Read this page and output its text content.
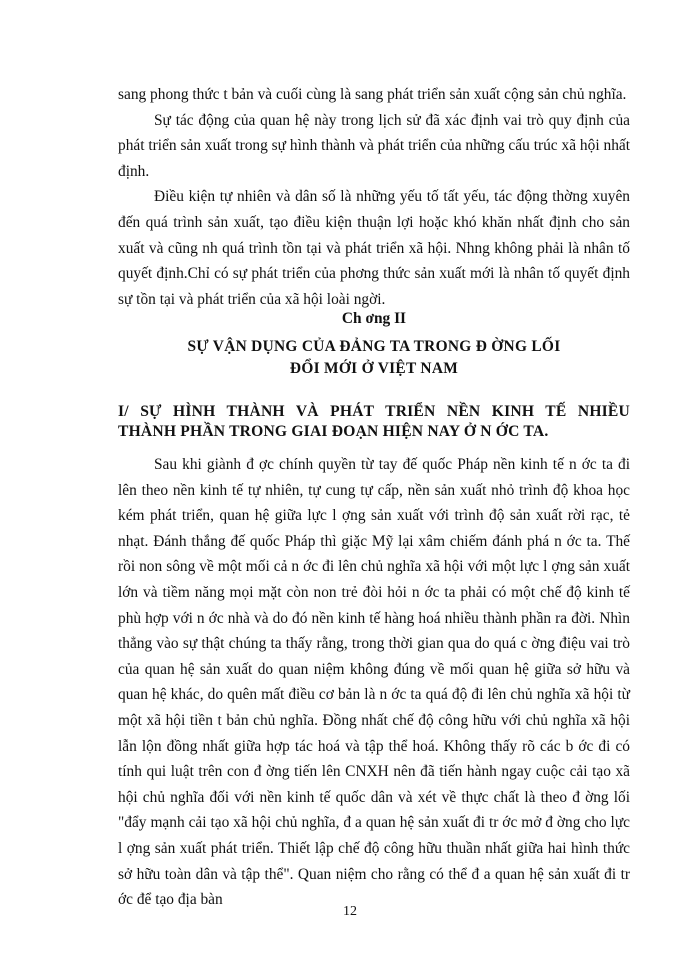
sang phong thức t bản và cuối cùng là sang phát triển sản xuất cộng sản chủ nghĩa.

Sự tác động của quan hệ này trong lịch sử đã xác định vai trò quy định của phát triển sản xuất trong sự hình thành và phát triển của những cấu trúc xã hội nhất định.

Điều kiện tự nhiên và dân số là những yếu tố tất yếu, tác động thờng xuyên đến quá trình sản xuất, tạo điều kiện thuận lợi hoặc khó khăn nhất định cho sản xuất và cũng nh quá trình tồn tại và phát triển xã hội. Nhng không phải là nhân tố quyết định.Chỉ có sự phát triển của phơng thức sản xuất mới là nhân tố quyết định sự tồn tại và phát triển của xã hội loài ngời.

Ch ơng II
SỰ VẬN DỤNG CỦA ĐẢNG TA TRONG Đ ỜNG LỐI
ĐỔI MỚI Ở VIỆT NAM
I/ SỰ HÌNH THÀNH VÀ PHÁT TRIỂN NỀN KINH TẾ NHIỀU
THÀNH PHẦN TRONG GIAI ĐOẠN HIỆN NAY Ở N ỚC TA.

Sau khi giành đ ợc chính quyền từ tay đế quốc Pháp nền kinh tế n ớc ta đi lên theo nền kinh tế tự nhiên, tự cung tự cấp, nền sản xuất nhỏ trình độ khoa học kém phát triển, quan hệ giữa lực l ợng sản xuất với trình độ sản xuất rời rạc, tẻ nhạt. Đánh thắng đế quốc Pháp thì giặc Mỹ lại xâm chiếm đánh phá n ớc ta. Thế rồi non sông về một mối cả n ớc đi lên chủ nghĩa xã hội với một lực l ợng sản xuất lớn và tiềm năng mọi mặt còn non trẻ đòi hỏi n ớc ta phải có một chế độ kinh tế phù hợp với n ớc nhà và do đó nền kinh tế hàng hoá nhiều thành phần ra đời. Nhìn thẳng vào sự thật chúng ta thấy rằng, trong thời gian qua do quá c ờng điệu vai trò của quan hệ sản xuất do quan niệm không đúng về mối quan hệ giữa sở hữu và quan hệ khác, do quên mất điều cơ bản là n ớc ta quá độ đi lên chủ nghĩa xã hội từ một xã hội tiền t bản chủ nghĩa. Đồng nhất chế độ công hữu với chủ nghĩa xã hội lẫn lộn đồng nhất giữa hợp tác hoá và tập thể hoá. Không thấy rõ các b ớc đi có tính qui luật trên con đ ờng tiến lên CNXH nên đã tiến hành ngay cuộc cải tạo xã hội chủ nghĩa đối với nền kinh tế quốc dân và xét về thực chất là theo đ ờng lối "đẩy mạnh cải tạo xã hội chủ nghĩa, đ a quan hệ sản xuất đi tr ớc mở đ ờng cho lực l ợng sản xuất phát triển. Thiết lập chế độ công hữu thuần nhất giữa hai hình thức sở hữu toàn dân và tập thể". Quan niệm cho rằng có thể đ a quan hệ sản xuất đi tr ớc để tạo địa bàn

12
